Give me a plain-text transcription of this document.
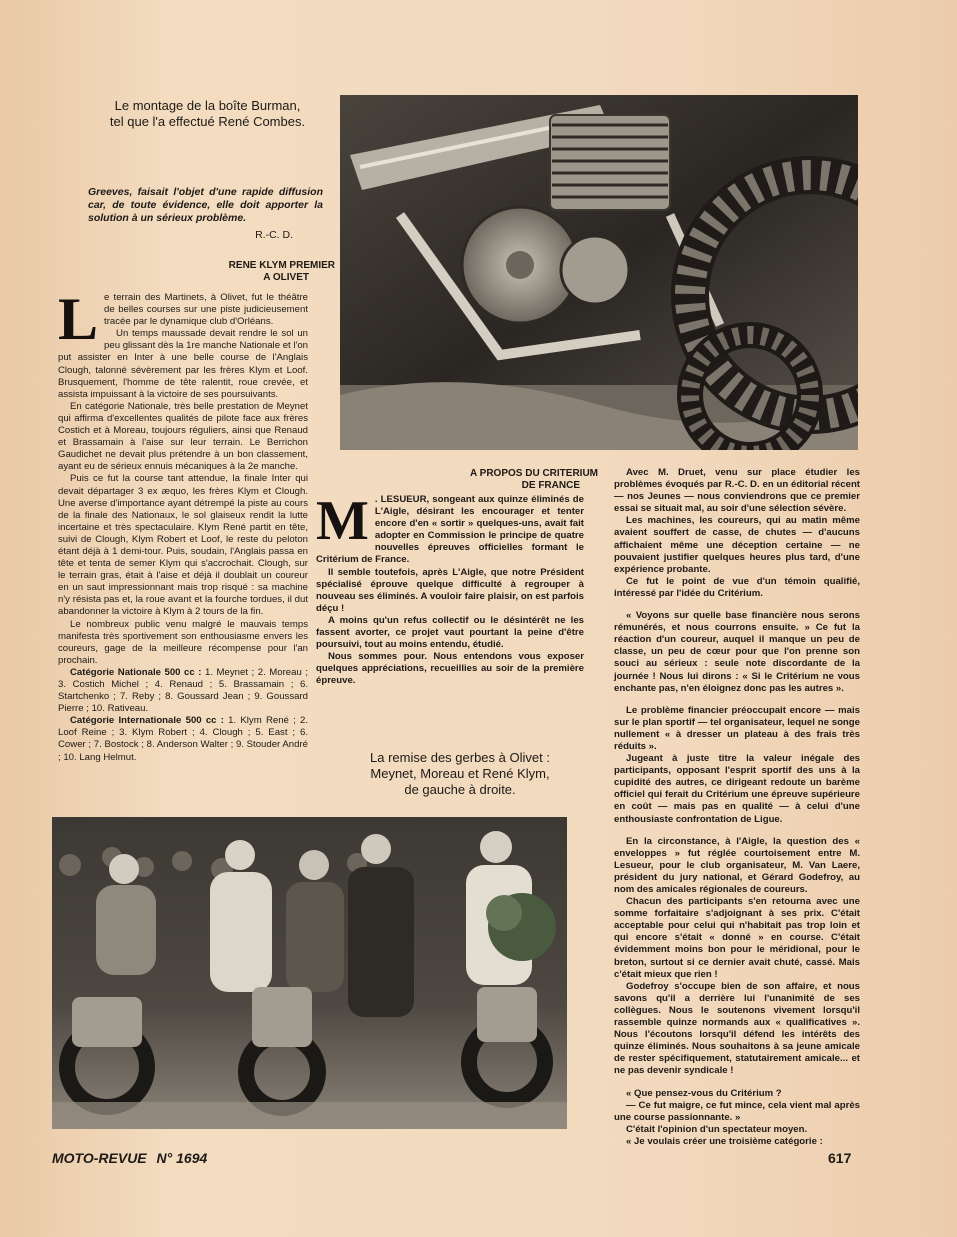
Le montage de la boîte Burman,
tel que l'a effectué René Combes.
Greeves, faisait l'objet d'une rapide diffusion car, de toute évidence, elle doit apporter la solution à un sérieux problème.
R.-C. D.
RENE KLYM PREMIER
A OLIVET

Le terrain des Martinets, à Olivet, fut le théâtre de belles courses sur une piste judicieusement tracée par le dynamique club d'Orléans.

Un temps maussade devait rendre le sol un peu glissant dès la 1re manche Nationale et l'on put assister en Inter à une belle course de l'Anglais Clough, talonné sévèrement par les frères Klym et Loof. Brusquement, l'homme de tête ralentit, roue crevée, et assista impuissant à la victoire de ses poursuivants.

En catégorie Nationale, très belle prestation de Meynet qui affirma d'excellentes qualités de pilote face aux frères Costich et à Moreau, toujours réguliers, ainsi que Renaud et Brassamain à l'aise sur leur terrain. Le Berrichon Gaudichet ne devait plus prétendre à un bon classement, ayant eu de sérieux ennuis mécaniques à la 2e manche.

Puis ce fut la course tant attendue, la finale Inter qui devait départager 3 ex æquo, les frères Klym et Clough. Une averse d'importance ayant détrempé la piste au cours de la finale des Nationaux, le sol glaiseux rendit la lutte incertaine et très spectaculaire. Klym René partit en tête, suivi de Clough, Klym Robert et Loof, le reste du peloton étant déjà à 1 demi-tour. Puis, soudain, l'Anglais passa en tête et tenta de semer Klym qui s'accrochait. Clough, sur le terrain gras, était à l'aise et déjà il doublait un coureur en un saut impressionnant mais trop risqué : sa machine n'y résista pas et, la roue avant et la fourche tordues, il dut abandonner la victoire à Klym à 2 tours de la fin.

Le nombreux public venu malgré le mauvais temps manifesta très sportivement son enthousiasme envers les coureurs, gage de la meilleure récompense pour l'an prochain.

Catégorie Nationale 500 cc : 1. Meynet ; 2. Moreau ; 3. Costich Michel ; 4. Renaud ; 5. Brassamain ; 6. Startchenko ; 7. Reby ; 8. Goussard Jean ; 9. Goussard Pierre ; 10. Rativeau.

Catégorie Internationale 500 cc : 1. Klym René ; 2. Loof Reine ; 3. Klym Robert ; 4. Clough ; 5. East ; 6. Cower ; 7. Bostock ; 8. Anderson Walter ; 9. Stouder André ; 10. Lang Helmut.

A PROPOS DU CRITERIUM
DE FRANCE

M . LESUEUR, songeant aux quinze éliminés de L'Aigle, désirant les encourager et tenter encore d'en « sortir » quelques-uns, avait fait adopter en Commission le principe de quatre nouvelles épreuves officielles formant le Critérium de France.

Il semble toutefois, après L'Aigle, que notre Président spécialisé éprouve quelque difficulté à regrouper à nouveau ses éliminés. A vouloir faire plaisir, on est parfois déçu !

A moins qu'un refus collectif ou le désintérêt ne les fassent avorter, ce projet vaut pourtant la peine d'être poursuivi, tout au moins entendu, étudié.

Nous sommes pour. Nous entendons vous exposer quelques appréciations, recueillies au soir de la première épreuve.

Avec M. Druet, venu sur place étudier les problèmes évoqués par R.-C. D. en un éditorial récent — nos Jeunes — nous conviendrons que ce premier essai se situait mal, au soir d'une sélection sévère.

Les machines, les coureurs, qui au matin même avaient souffert de casse, de chutes — d'aucuns affichaient même une déception certaine — ne pouvaient justifier quelques heures plus tard, d'une expérience probante.

Ce fut le point de vue d'un témoin qualifié, intéressé par l'idée du Critérium.

« Voyons sur quelle base financière nous serons rémunérés, et nous courrons ensuite. » Ce fut la réaction d'un coureur, auquel il manque un peu de classe, un peu de cœur pour que l'on prenne son souci au sérieux : seule note discordante de la journée ! Nous lui dirons : « Si le Critérium ne vous enchante pas, n'en éloignez donc pas les autres ».

Le problème financier préoccupait encore — mais sur le plan sportif — tel organisateur, lequel ne songe nullement « à dresser un plateau à des frais très réduits ».

Jugeant à juste titre la valeur inégale des participants, opposant l'esprit sportif des uns à la cupidité des autres, ce dirigeant redoute un barème officiel qui ferait du Critérium une épreuve supérieure en coût — mais pas en qualité — à celui d'une enthousiaste confrontation de Ligue.

En la circonstance, à l'Aigle, la question des « enveloppes » fut réglée courtoisement entre M. Lesueur, pour le club organisateur, M. Van Laere, président du jury national, et Gérard Godefroy, au nom des amicales régionales de coureurs.

Chacun des participants s'en retourna avec une somme forfaitaire s'adjoignant à ses prix. C'était acceptable pour celui qui n'habitait pas trop loin et qui encore s'était « donné » en course. C'était évidemment moins bon pour le méridional, pour le breton, surtout si ce dernier avait chuté, cassé. Mais c'était mieux que rien !

Godefroy s'occupe bien de son affaire, et nous savons qu'il a derrière lui l'unanimité de ses collègues. Nous le soutenons vivement lorsqu'il rassemble quinze normands aux « qualificatives ». Nous l'écoutons lorsqu'il défend les intérêts des quinze éliminés. Nous souhaitons à sa jeune amicale de rester spécifiquement, statutairement amicale... et ne pas devenir syndicale !

« Que pensez-vous du Critérium ?

— Ce fut maigre, ce fut mince, cela vient mal après une course passionnante. »

C'était l'opinion d'un spectateur moyen.

« Je voulais créer une troisième catégorie :

La remise des gerbes à Olivet :
Meynet, Moreau et René Klym,
de gauche à droite.
MOTO-REVUE N° 1694	617
